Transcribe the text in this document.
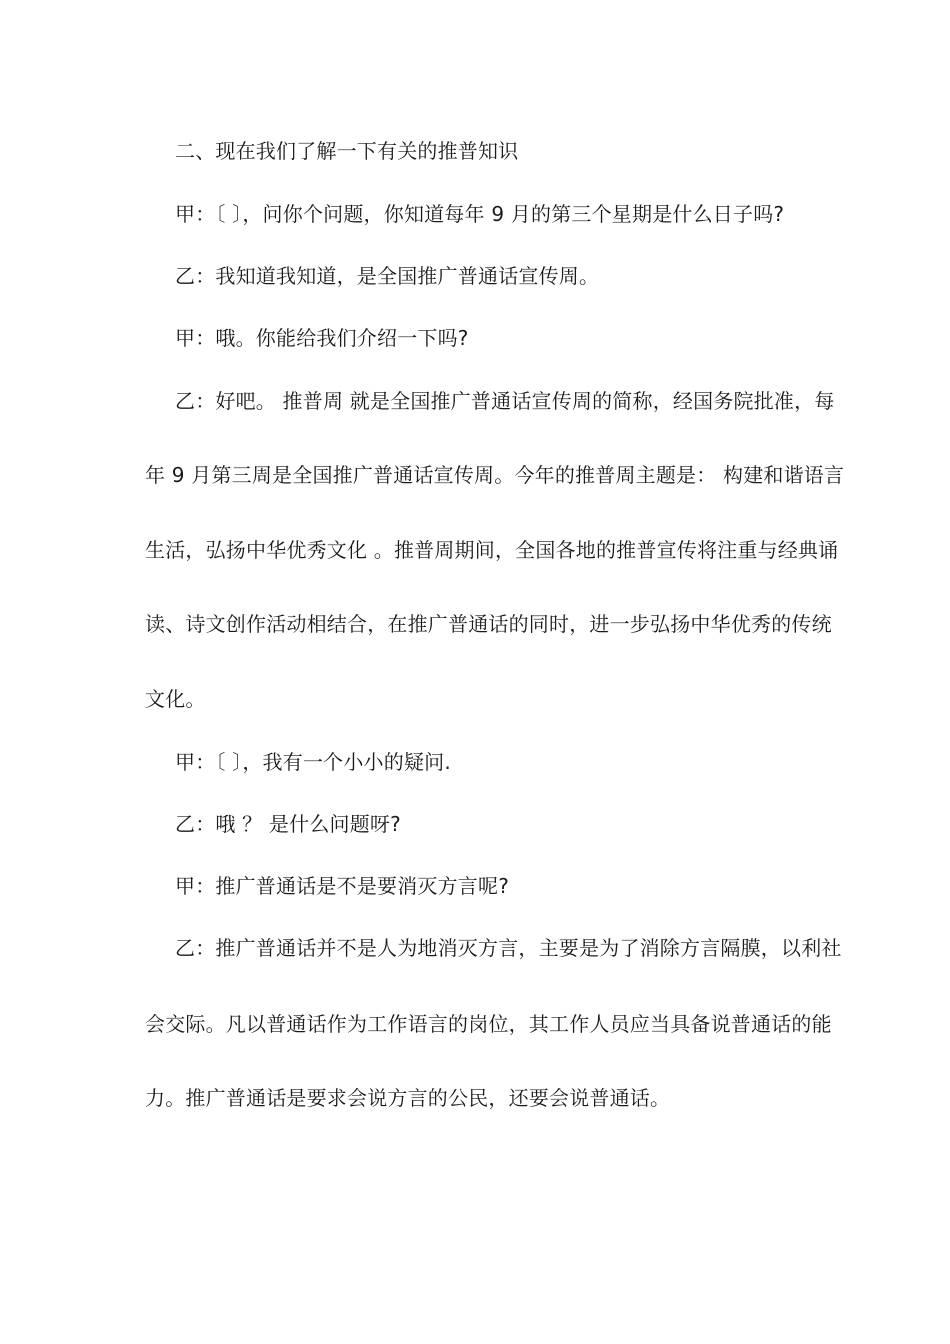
二、现在我们了解一下有关的推普知识
甲：〔 〕，问你个问题，你知道每年 9 月的第三个星期是什么日子吗?
乙：我知道我知道，是全国推广普通话宣传周。
甲：哦。你能给我们介绍一下吗?
乙：好吧。 推普周 就是全国推广普通话宣传周的简称，经国务院批准，每
年 9 月第三周是全国推广普通话宣传周。今年的推普周主题是： 构建和谐语言
生活，弘扬中华优秀文化 。推普周期间，全国各地的推普宣传将注重与经典诵
读、诗文创作活动相结合，在推广普通话的同时，进一步弘扬中华优秀的传统
文化。
甲：〔 〕，我有一个小小的疑问.
乙：哦 ？ 是什么问题呀?
甲：推广普通话是不是要消灭方言呢?
乙：推广普通话并不是人为地消灭方言，主要是为了消除方言隔膜，以利社
会交际。凡以普通话作为工作语言的岗位，其工作人员应当具备说普通话的能
力。推广普通话是要求会说方言的公民，还要会说普通话。
